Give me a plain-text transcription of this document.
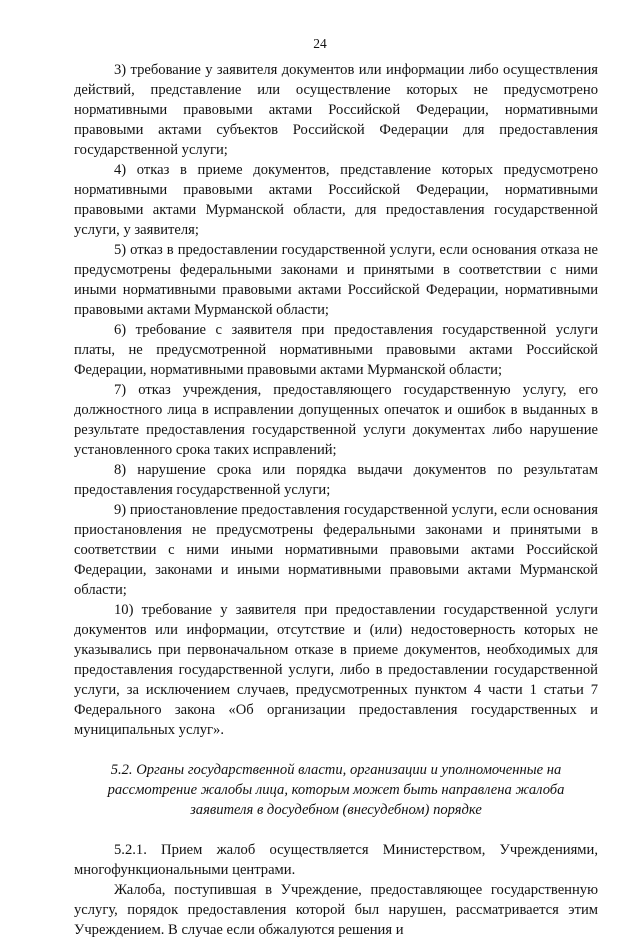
24

3) требование у заявителя документов или информации либо осуществления действий, представление или осуществление которых не предусмотрено нормативными правовыми актами Российской Федерации, нормативными правовыми актами субъектов Российской Федерации для предоставления государственной услуги;

4) отказ в приеме документов, представление которых предусмотрено нормативными правовыми актами Российской Федерации, нормативными правовыми актами Мурманской области, для предоставления государственной услуги, у заявителя;

5) отказ в предоставлении государственной услуги, если основания отказа не предусмотрены федеральными законами и принятыми в соответствии с ними иными нормативными правовыми актами Российской Федерации, нормативными правовыми актами Мурманской области;

6) требование с заявителя при предоставления государственной услуги платы, не предусмотренной нормативными правовыми актами Российской Федерации, нормативными правовыми актами Мурманской области;

7) отказ учреждения, предоставляющего государственную услугу, его должностного лица в исправлении допущенных опечаток и ошибок в выданных в результате предоставления государственной услуги документах либо нарушение установленного срока таких исправлений;

8) нарушение срока или порядка выдачи документов по результатам предоставления государственной услуги;

9) приостановление предоставления государственной услуги, если основания приостановления не предусмотрены федеральными законами и принятыми в соответствии с ними иными нормативными правовыми актами Российской Федерации, законами и иными нормативными правовыми актами Мурманской области;

10) требование у заявителя при предоставлении государственной услуги документов или информации, отсутствие и (или) недостоверность которых не указывались при первоначальном отказе в приеме документов, необходимых для предоставления государственной услуги, либо в предоставлении государственной услуги, за исключением случаев, предусмотренных пунктом 4 части 1 статьи 7 Федерального закона «Об организации предоставления государственных и муниципальных услуг».

5.2. Органы государственной власти, организации и уполномоченные на рассмотрение жалобы лица, которым может быть направлена жалоба заявителя в досудебном (внесудебном) порядке

5.2.1. Прием жалоб осуществляется Министерством, Учреждениями, многофункциональными центрами.

Жалоба, поступившая в Учреждение, предоставляющее государственную услугу, порядок предоставления которой был нарушен, рассматривается этим Учреждением. В случае если обжалуются решения и
